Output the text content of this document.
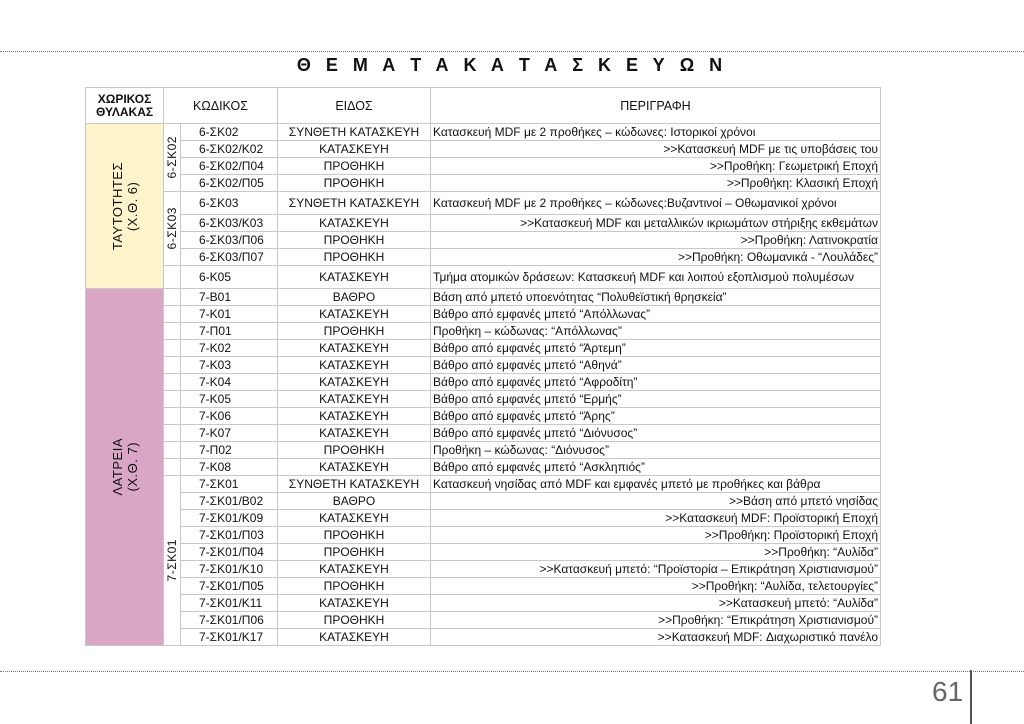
Θ Ε Μ Α Τ Α Κ Α Τ Α Σ Κ Ε Υ Ω Ν
ΧΩΡΙΚΟΣ ΘΥΛΑΚΑΣ	ΚΩΔΙΚΟΣ		ΕΙΔΟΣ	ΠΕΡΙΓΡΑΦΗ

ΤΑΥΤΟΤΗΤΕΣ
(Χ.Θ. 6)	6-ΣΚ02	6-ΣΚ02	ΣΥΝΘΕΤΗ ΚΑΤΑΣΚΕΥΗ	Κατασκευή MDF με 2 προθήκες – κώδωνες: Ιστορικοί χρόνοι
		6-ΣΚ02/Κ02	ΚΑΤΑΣΚΕΥΗ	>>Κατασκευή MDF με τις υποβάσεις του
		6-ΣΚ02/Π04	ΠΡΟΘΗΚΗ	>>Προθήκη: Γεωμετρική Εποχή
		6-ΣΚ02/Π05	ΠΡΟΘΗΚΗ	>>Προθήκη: Κλασική Εποχή

	6-ΣΚ03	6-ΣΚ03	ΣΥΝΘΕΤΗ ΚΑΤΑΣΚΕΥΗ	Κατασκευή MDF με 2 προθήκες – κώδωνες:Βυζαντινοί – Οθωμανικοί χρόνοι
		6-ΣΚ03/Κ03	ΚΑΤΑΣΚΕΥΗ	>>Κατασκευή MDF και μεταλλικών ικριωμάτων στήριξης εκθεμάτων
		6-ΣΚ03/Π06	ΠΡΟΘΗΚΗ	>>Προθήκη: Λατινοκρατία
		6-ΣΚ03/Π07	ΠΡΟΘΗΚΗ	>>Προθήκη: Οθωμανικά - “Λουλάδες”
		6-Κ05	ΚΑΤΑΣΚΕΥΗ	Τμήμα ατομικών δράσεων: Κατασκευή MDF και λοιπού εξοπλισμού πολυμέσων

ΛΑΤΡΕΙΑ
(Χ.Θ. 7)		7-Β01	ΒΑΘΡΟ	Βάση από μπετό υποενότητας “Πολυθεϊστική θρησκεία”
		7-Κ01	ΚΑΤΑΣΚΕΥΗ	Βάθρο από εμφανές μπετό “Απόλλωνας”
		7-Π01	ΠΡΟΘΗΚΗ	Προθήκη – κώδωνας: “Απόλλωνας”
		7-Κ02	ΚΑΤΑΣΚΕΥΗ	Βάθρο από εμφανές μπετό “Άρτεμη”
		7-Κ03	ΚΑΤΑΣΚΕΥΗ	Βάθρο από εμφανές μπετό “Αθηνά”
		7-Κ04	ΚΑΤΑΣΚΕΥΗ	Βάθρο από εμφανές μπετό “Αφροδίτη”
		7-Κ05	ΚΑΤΑΣΚΕΥΗ	Βάθρο από εμφανές μπετό “Ερμής”
		7-Κ06	ΚΑΤΑΣΚΕΥΗ	Βάθρο από εμφανές μπετό “Άρης”
		7-Κ07	ΚΑΤΑΣΚΕΥΗ	Βάθρο από εμφανές μπετό “Διόνυσος”
		7-Π02	ΠΡΟΘΗΚΗ	Προθήκη – κώδωνας: “Διόνυσος”
		7-Κ08	ΚΑΤΑΣΚΕΥΗ	Βάθρο από εμφανές μπετό “Ασκληπιός”

	7-ΣΚ01	7-ΣΚ01	ΣΥΝΘΕΤΗ ΚΑΤΑΣΚΕΥΗ	Κατασκευή νησίδας από MDF και εμφανές μπετό με προθήκες και βάθρα
		7-ΣΚ01/Β02	ΒΑΘΡΟ	>>Βάση από μπετό νησίδας
		7-ΣΚ01/Κ09	ΚΑΤΑΣΚΕΥΗ	>>Κατασκευή MDF: Προϊστορική Εποχή
		7-ΣΚ01/Π03	ΠΡΟΘΗΚΗ	>>Προθήκη: Προϊστορική Εποχή
		7-ΣΚ01/Π04	ΠΡΟΘΗΚΗ	>>Προθήκη: “Αυλίδα”
		7-ΣΚ01/Κ10	ΚΑΤΑΣΚΕΥΗ	>>Κατασκευή μπετό: “Προϊστορία – Επικράτηση Χριστιανισμού”
		7-ΣΚ01/Π05	ΠΡΟΘΗΚΗ	>>Προθήκη: “Αυλίδα, τελετουργίες”
		7-ΣΚ01/Κ11	ΚΑΤΑΣΚΕΥΗ	>>Κατασκευή μπετό: “Αυλίδα”
		7-ΣΚ01/Π06	ΠΡΟΘΗΚΗ	>>Προθήκη: “Επικράτηση Χριστιανισμού”
		7-ΣΚ01/Κ17	ΚΑΤΑΣΚΕΥΗ	>>Κατασκευή MDF: Διαχωριστικό πανέλο
61
